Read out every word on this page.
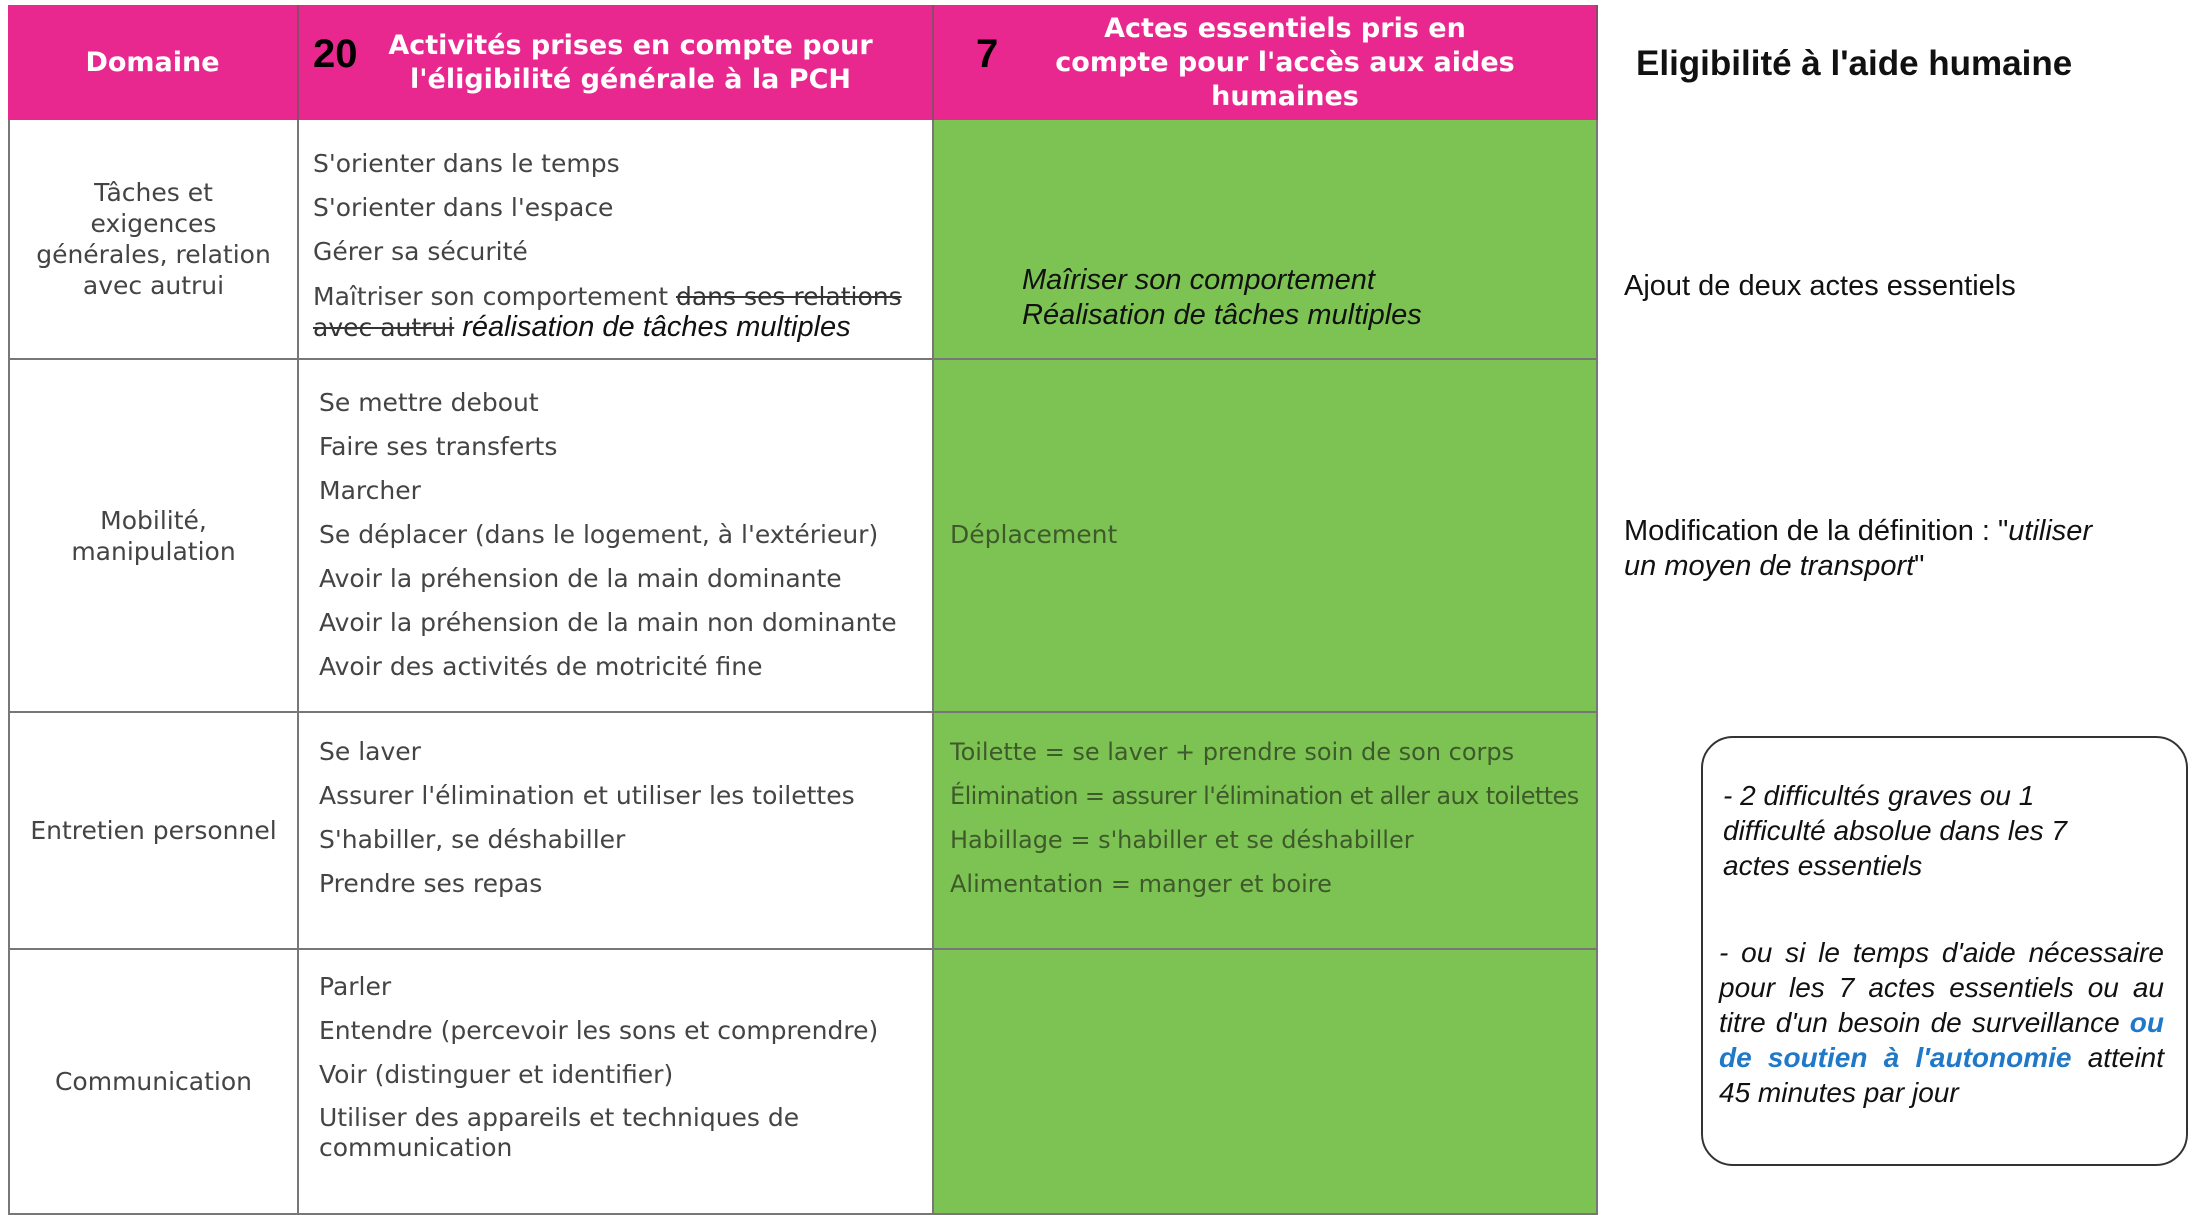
Domaine 20	Activités prises en compte pour l'éligibilité générale à la PCH
7
Actes essentiels pris en compte pour l'accès aux aides humaines
Tâches et exigences générales, relation avec autrui
S'orienter dans le temps
S'orienter dans l'espace
Gérer sa sécurité
Maîtriser son comportement dans ses relations avec autrui réalisation de tâches multiples
Maîriser son comportement
Réalisation de tâches multiples
Mobilité, manipulation
Se mettre debout
Faire ses transferts
Marcher
Se déplacer (dans le logement, à l'extérieur)
Avoir la préhension de la main dominante
Avoir la préhension de la main non dominante
Avoir des activités de motricité fine
Déplacement
Entretien personnel
Se laver
Assurer l'élimination et utiliser les toilettes
S'habiller, se déshabiller
Prendre ses repas
Toilette = se laver + prendre soin de son corps
Élimination = assurer l'élimination et aller aux toilettes
Habillage = s'habiller et se déshabiller
Alimentation = manger et boire
Communication
Parler
Entendre (percevoir les sons et comprendre)
Voir (distinguer et identifier)
Utiliser des appareils et techniques de communication
Eligibilité à l'aide humaine
Ajout de deux actes essentiels
Modification de la définition : "utiliser un moyen de transport"
- 2 difficultés graves ou 1 difficulté absolue dans les 7 actes essentiels
- ou si le temps d'aide nécessaire pour les 7 actes essentiels ou au titre d'un besoin de surveillance ou de soutien à l'autonomie atteint 45 minutes par jour
